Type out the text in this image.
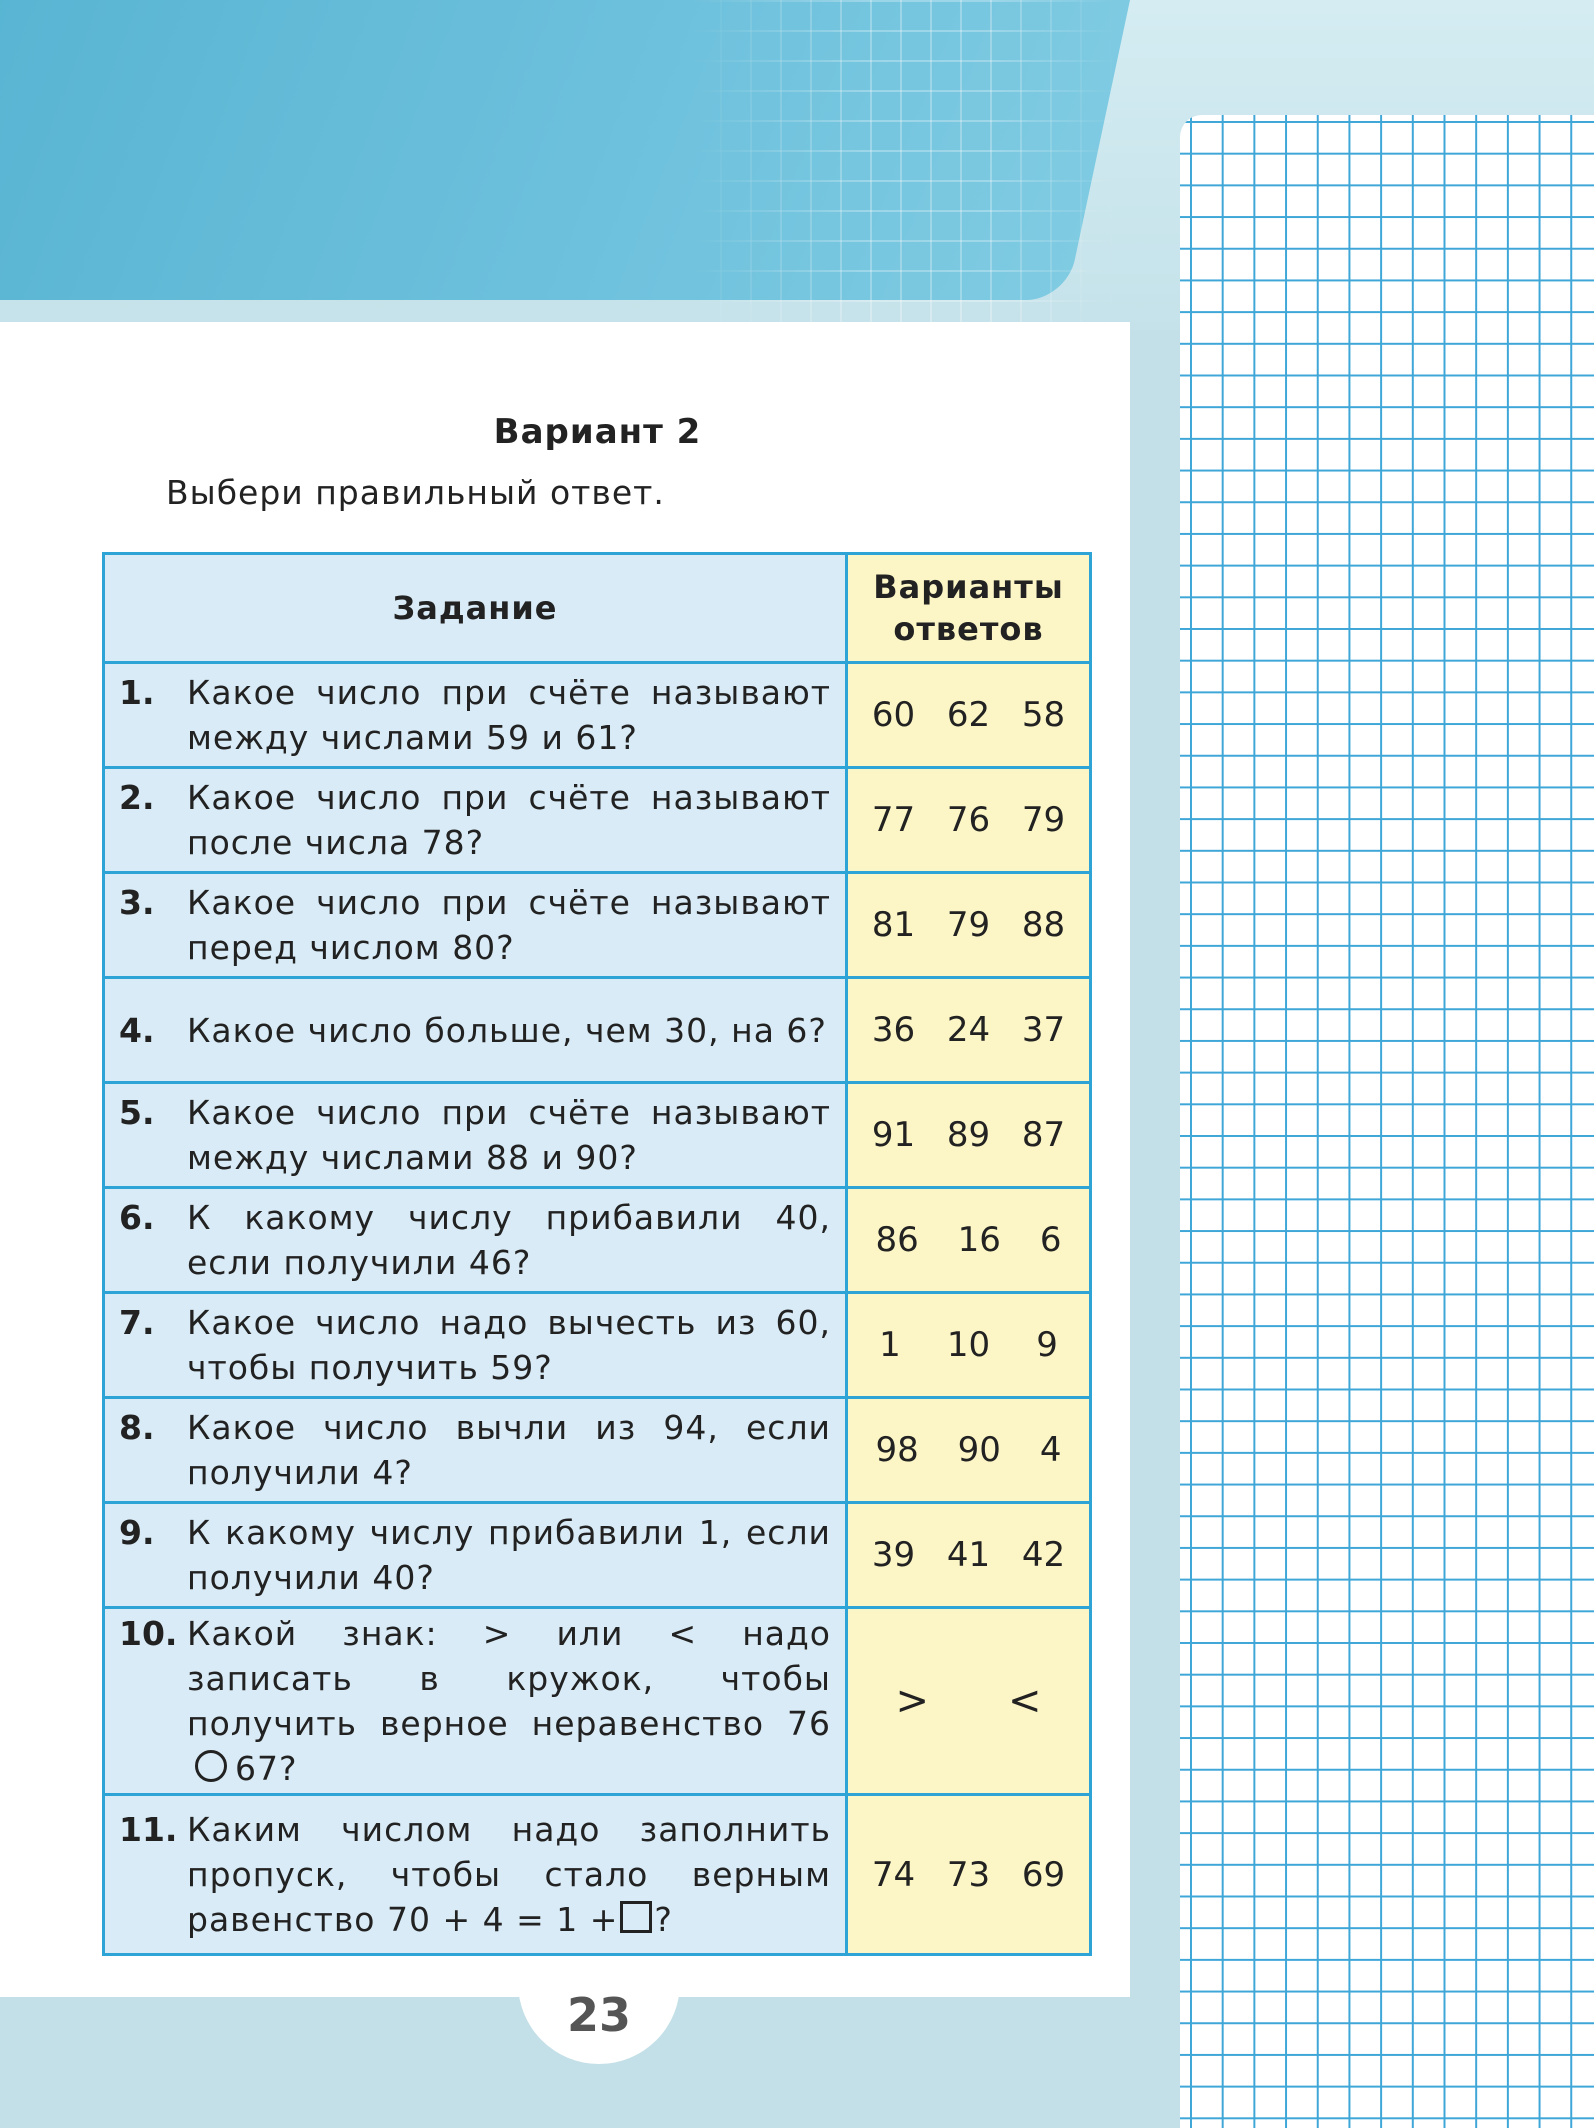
23
Вариант 2
Выбери правильный ответ.
Задание	Варианты
ответов

1. Какое число при счёте называют между числами 59 и 61?	60 62 58

2. Какое число при счёте называют после числа 78?	77 76 79

3. Какое число при счёте называют перед числом 80?	81 79 88

4. Какое число больше, чем 30, на 6?	36 24 37

5. Какое число при счёте называют между числами 88 и 90?	91 89 87

6. К какому числу прибавили 40, если получили 46?	86 16 6

7. Какое число надо вычесть из 60, чтобы получить 59?	1 10 9

8. Какое число вычли из 94, если получили 4?	98 90 4

9. К какому числу прибавили 1, если получили 40?	39 41 42

10. Какой знак: > или < надо записать в кружок, чтобы получить верное неравенство 7667?	> <

11. Каким числом надо заполнить пропуск, чтобы стало верным равенство 70 + 4 = 1 + ?	74 73 69
